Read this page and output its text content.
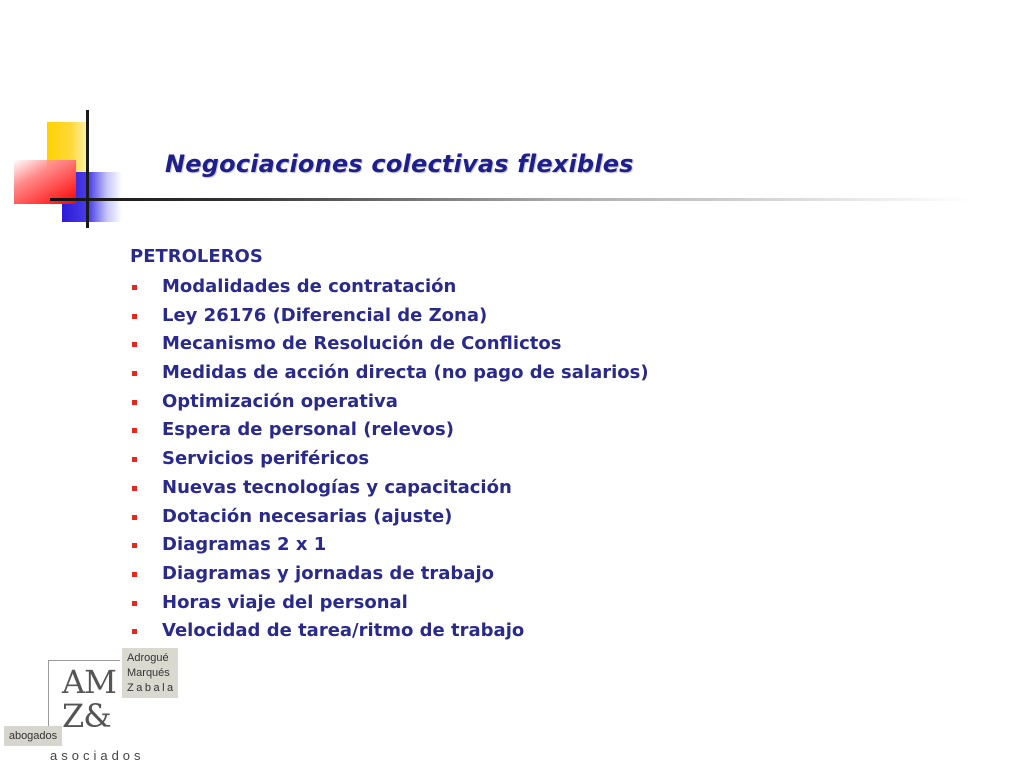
Negociaciones colectivas flexibles
PETROLEROS
Modalidades de contratación
Ley 26176 (Diferencial de Zona)
Mecanismo de Resolución de Conflictos
Medidas de acción directa (no pago de salarios)
Optimización operativa
Espera de personal (relevos)
Servicios periféricos
Nuevas tecnologías y capacitación
Dotación necesarias (ajuste)
Diagramas 2 x 1
Diagramas y jornadas de trabajo
Horas viaje del personal
Velocidad de tarea/ritmo de trabajo
AM
Z&
Adrogué
Marqués
Zabala
abogados
asociados
